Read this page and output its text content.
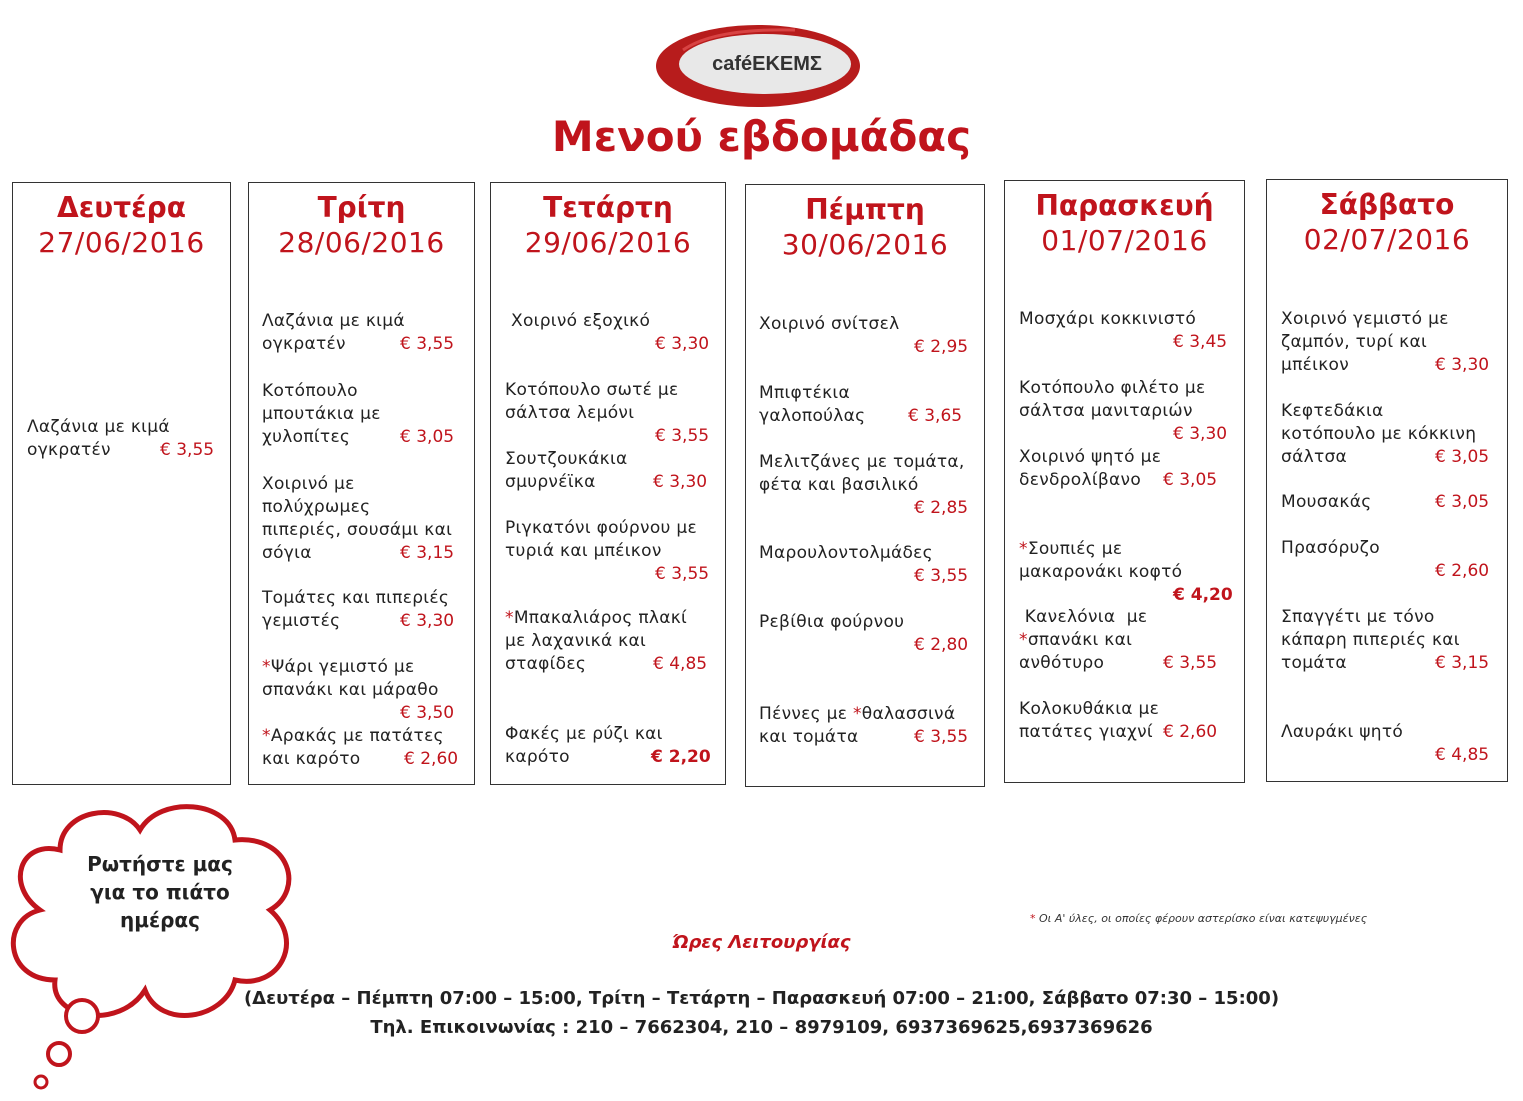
caféΕΚΕΜΣ
Μενού εβδομάδας
Δευτέρα
27/06/2016
Λαζάνια με κιμά
ογκρατέν	€ 3,55
Τρίτη
28/06/2016
Λαζάνια με κιμά
ογκρατέν	€ 3,55
Κοτόπουλο
μπουτάκια με
χυλοπίτες	€ 3,05
Χοιρινό με
πολύχρωμες
πιπεριές, σουσάμι και
σόγια	€ 3,15
Τομάτες και πιπεριές
γεμιστές	€ 3,30
*Ψάρι γεμιστό με
σπανάκι και μάραθο
€ 3,50
*Αρακάς με πατάτες
και καρότο	€ 2,60
Τετάρτη
29/06/2016
Χοιρινό εξοχικό
€ 3,30
Κοτόπουλο σωτέ με
σάλτσα λεμόνι
€ 3,55
Σουτζουκάκια
σμυρνέϊκα	€ 3,30
Ριγκατόνι φούρνου με
τυριά και μπέικον
€ 3,55
*Μπακαλιάρος πλακί
με λαχανικά και
σταφίδες	€ 4,85
Φακές με ρύζι και
καρότο	€ 2,20
Πέμπτη
30/06/2016
Χοιρινό σνίτσελ
€ 2,95
Μπιφτέκια
γαλοπούλας	€ 3,65
Μελιτζάνες με τομάτα,
φέτα και βασιλικό
€ 2,85
Μαρουλοντολμάδες
€ 3,55
Ρεβίθια φούρνου
€ 2,80
Πέννες με *θαλασσινά
και τομάτα	€ 3,55
Παρασκευή
01/07/2016
Μοσχάρι κοκκινιστό
€ 3,45
Κοτόπουλο φιλέτο με
σάλτσα μανιταριών
€ 3,30
Χοιρινό ψητό με
δενδρολίβανο	€ 3,05
*Σουπιές με
μακαρονάκι κοφτό
€ 4,20
Κανελόνια  με
*σπανάκι και
ανθότυρο	€ 3,55
Κολοκυθάκια με
πατάτες γιαχνί € 2,60
Σάββατο
02/07/2016
Χοιρινό γεμιστό με
ζαμπόν, τυρί και
μπέικον	€ 3,30
Κεφτεδάκια
κοτόπουλο με κόκκινη
σάλτσα	€ 3,05
Μουσακάς	€ 3,05
Πρασόρυζο
€ 2,60
Σπαγγέτι με τόνο
κάπαρη πιπεριές και
τομάτα	€ 3,15
Λαυράκι ψητό
€ 4,85
Ρωτήστε μας
για το πιάτο
ημέρας	* Οι Α' ύλες, οι οποίες φέρουν αστερίσκο είναι κατεψυγμένες
Ώρες Λειτουργίας
(Δευτέρα – Πέμπτη 07:00 – 15:00, Τρίτη – Τετάρτη – Παρασκευή 07:00 – 21:00, Σάββατο 07:30 – 15:00)
Τηλ. Επικοινωνίας : 210 – 7662304, 210 – 8979109, 6937369625,6937369626
